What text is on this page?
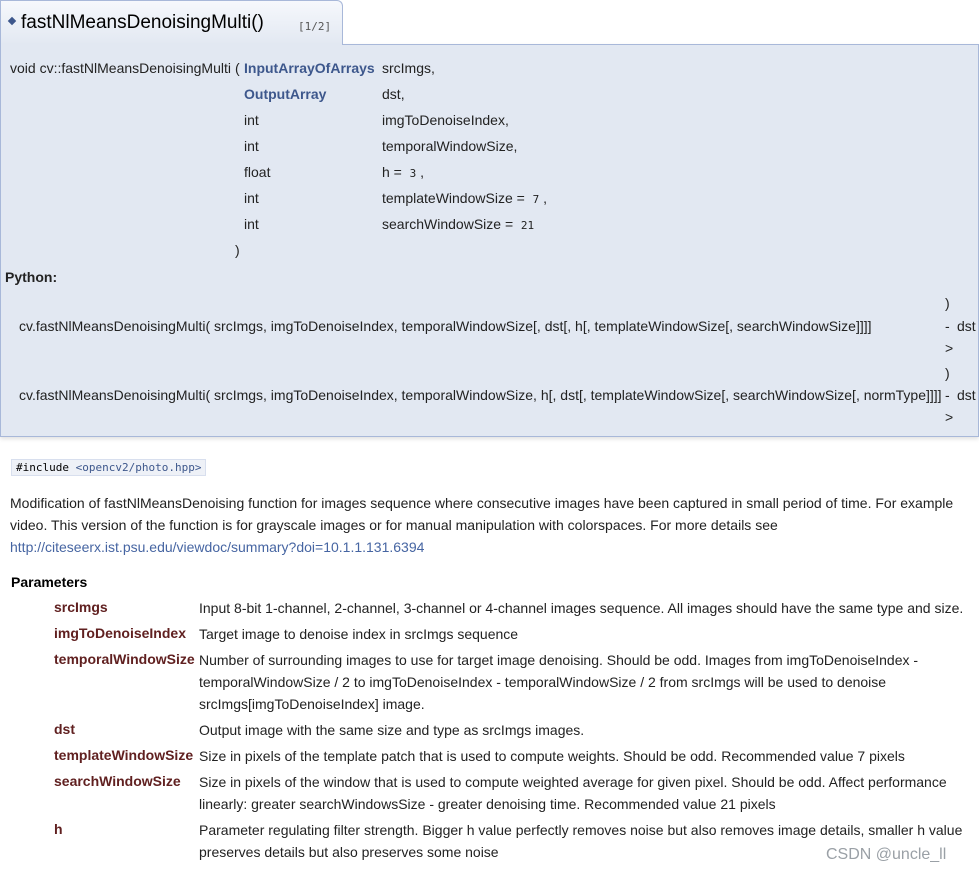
fastNlMeansDenoisingMulti()	[1/2]
void cv::fastNlMeansDenoisingMulti ( InputArrayOfArrays srcImgs,
OutputArray	dst,
int	imgToDenoiseIndex,
int	temporalWindowSize,
float	h = 3 ,
int	templateWindowSize = 7 ,
int	searchWindowSize = 21
)
Python:
)
cv.fastNlMeansDenoisingMulti( srcImgs, imgToDenoiseIndex, temporalWindowSize[, dst[, h[, templateWindowSize[, searchWindowSize]]]]	- dst
>
)
cv.fastNlMeansDenoisingMulti( srcImgs, imgToDenoiseIndex, temporalWindowSize, h[, dst[, templateWindowSize[, searchWindowSize[, normType]]]] - dst
>
#include <opencv2/photo.hpp>

Modification of fastNlMeansDenoising function for images sequence where consecutive images have been captured in small period of time. For example video. This version of the function is for grayscale images or for manual manipulation with colorspaces. For more details see
http://citeseerx.ist.psu.edu/viewdoc/summary?doi=10.1.1.131.6394

Parameters
srcImgs	Input 8-bit 1-channel, 2-channel, 3-channel or 4-channel images sequence. All images should have the same type and size.
imgToDenoiseIndex Target image to denoise index in srcImgs sequence
temporalWindowSize Number of surrounding images to use for target image denoising. Should be odd. Images from imgToDenoiseIndex - temporalWindowSize / 2 to imgToDenoiseIndex - temporalWindowSize / 2 from srcImgs will be used to denoise srcImgs[imgToDenoiseIndex] image.
dst	Output image with the same size and type as srcImgs images.
templateWindowSize Size in pixels of the template patch that is used to compute weights. Should be odd. Recommended value 7 pixels
searchWindowSize Size in pixels of the window that is used to compute weighted average for given pixel. Should be odd. Affect performance linearly: greater searchWindowsSize - greater denoising time. Recommended value 21 pixels
h	Parameter regulating filter strength. Bigger h value perfectly removes noise but also removes image details, smaller h value preserves details but also preserves some noise	CSDN @uncle_ll
